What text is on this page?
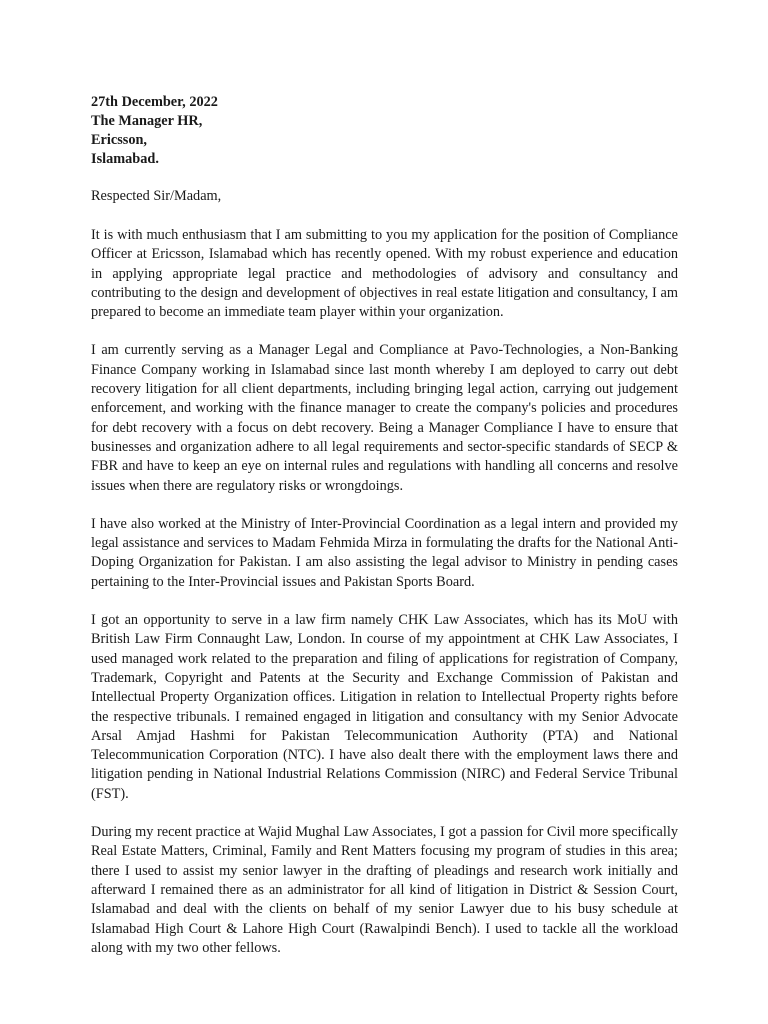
27th December, 2022

The Manager HR,

Ericsson,

Islamabad.

Respected Sir/Madam,

It is with much enthusiasm that I am submitting to you my application for the position of Compliance Officer at Ericsson, Islamabad which has recently opened. With my robust experience and education in applying appropriate legal practice and methodologies of advisory and consultancy and contributing to the design and development of objectives in real estate litigation and consultancy, I am prepared to become an immediate team player within your organization.

I am currently serving as a Manager Legal and Compliance at Pavo-Technologies, a Non-Banking Finance Company working in Islamabad since last month whereby I am deployed to carry out debt recovery litigation for all client departments, including bringing legal action, carrying out judgement enforcement, and working with the finance manager to create the company's policies and procedures for debt recovery with a focus on debt recovery. Being a Manager Compliance I have to ensure that businesses and organization adhere to all legal requirements and sector-specific standards of SECP & FBR and have to keep an eye on internal rules and regulations with handling all concerns and resolve issues when there are regulatory risks or wrongdoings.

I have also worked at the Ministry of Inter-Provincial Coordination as a legal intern and provided my legal assistance and services to Madam Fehmida Mirza in formulating the drafts for the National Anti-Doping Organization for Pakistan. I am also assisting the legal advisor to Ministry in pending cases pertaining to the Inter-Provincial issues and Pakistan Sports Board.

I got an opportunity to serve in a law firm namely CHK Law Associates, which has its MoU with British Law Firm Connaught Law, London. In course of my appointment at CHK Law Associates, I used managed work related to the preparation and filing of applications for registration of Company, Trademark, Copyright and Patents at the Security and Exchange Commission of Pakistan and Intellectual Property Organization offices. Litigation in relation to Intellectual Property rights before the respective tribunals. I remained engaged in litigation and consultancy with my Senior Advocate Arsal Amjad Hashmi for Pakistan Telecommunication Authority (PTA) and National Telecommunication Corporation (NTC). I have also dealt there with the employment laws there and litigation pending in National Industrial Relations Commission (NIRC) and Federal Service Tribunal (FST).

During my recent practice at Wajid Mughal Law Associates, I got a passion for Civil more specifically Real Estate Matters, Criminal, Family and Rent Matters focusing my program of studies in this area; there I used to assist my senior lawyer in the drafting of pleadings and research work initially and afterward I remained there as an administrator for all kind of litigation in District & Session Court, Islamabad and deal with the clients on behalf of my senior Lawyer due to his busy schedule at Islamabad High Court & Lahore High Court (Rawalpindi Bench). I used to tackle all the workload along with my two other fellows.
